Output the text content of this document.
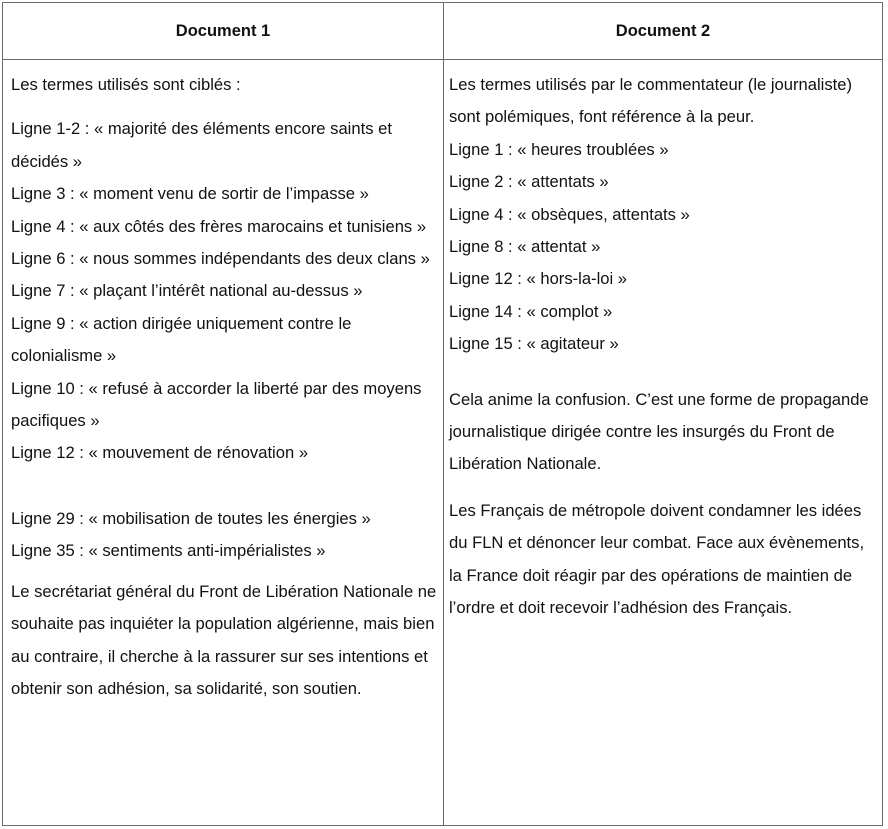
Document 1	Document 2

Les termes utilisés sont ciblés :

Ligne 1-2 : « majorité des éléments encore saints et décidés »

Ligne 3 : « moment venu de sortir de l’impasse »

Ligne 4 : « aux côtés des frères marocains et tunisiens »

Ligne 6 : « nous sommes indépendants des deux clans »

Ligne 7 : « plaçant l’intérêt national au-dessus »

Ligne 9 : « action dirigée uniquement contre le colonialisme »

Ligne 10 : « refusé à accorder la liberté par des moyens pacifiques »

Ligne 12 : « mouvement de rénovation »

Ligne 29 : « mobilisation de toutes les énergies »

Ligne 35 : « sentiments anti-impérialistes »

Le secrétariat général du Front de Libération Nationale ne souhaite pas inquiéter la population algérienne, mais bien au contraire, il cherche à la rassurer sur ses intentions et obtenir son adhésion, sa solidarité, son soutien.

Les termes utilisés par le commentateur (le journaliste) sont polémiques, font référence à la peur.

Ligne 1 : « heures troublées »

Ligne 2 : « attentats »

Ligne 4 : « obsèques, attentats »

Ligne 8 : « attentat »

Ligne 12 : « hors-la-loi »

Ligne 14 : « complot »

Ligne 15 : « agitateur »

Cela anime la confusion. C’est une forme de propagande journalistique dirigée contre les insurgés du Front de Libération Nationale.

Les Français de métropole doivent condamner les idées du FLN et dénoncer leur combat. Face aux évènements, la France doit réagir par des opérations de maintien de l’ordre et doit recevoir l’adhésion des Français.
